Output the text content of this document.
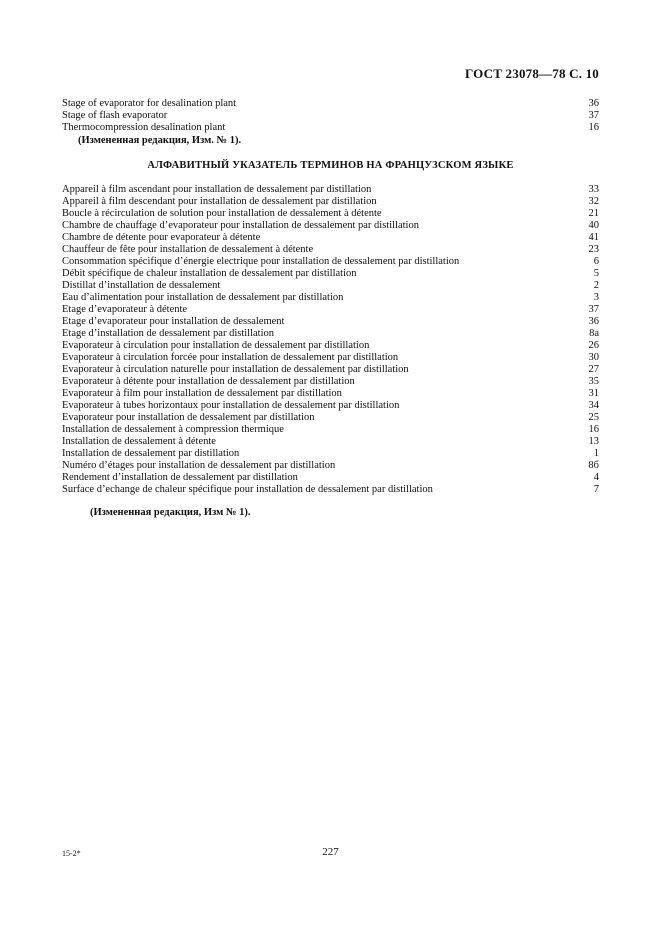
ГОСТ 23078—78 С. 10
Stage of evaporator for desalination plant	36
Stage of flash evaporator	37
Thermocompression desalination plant	16
(Измененная редакция, Изм. № 1).
АЛФАВИТНЫЙ УКАЗАТЕЛЬ ТЕРМИНОВ НА ФРАНЦУЗСКОМ ЯЗЫКЕ
Appareil à film ascendant pour installation de dessalement par distillation	33
Appareil à film descendant pour installation de dessalement par distillation	32
Boucle à récirculation de solution pour installation de dessalement à détente	21
Chambre de chauffage d’evaporateur pour installation de dessalement par distillation	40
Chambre de détente pour evaporateur à détente	41
Chauffeur de fête pour installation de dessalement à détente	23
Consommation spécifique d’énergie electrique pour installation de dessalement par distillation	6
Débit spécifique de chaleur installation de dessalement par distillation	5
Distillat d’installation de dessalement	2
Eau d’alimentation pour installation de dessalement par distillation	3
Etage d’evaporateur à détente	37
Etage d’evaporateur pour installation de dessalement	36
Etage d’installation de dessalement par distillation	8a
Evaporateur à circulation pour installation de dessalement par distillation	26
Evaporateur à circulation forcée pour installation de dessalement par distillation	30
Evaporateur à circulation naturelle pour installation de dessalement par distillation	27
Evaporateur à détente pour installation de dessalement par distillation	35
Evaporateur à film pour installation de dessalement par distillation	31
Evaporateur à tubes horizontaux pour installation de dessalement par distillation	34
Evaporateur pour installation de dessalement par distillation	25
Installation de dessalement à compression thermique	16
Installation de dessalement à détente	13
Installation de dessalement par distillation	1
Numéro d’étages pour installation de dessalement par distillation	8б
Rendement d’installation de dessalement par distillation	4
Surface d’echange de chaleur spécifique pour installation de dessalement par distillation	7
(Измененная редакция, Изм № 1).
15-2*	227
